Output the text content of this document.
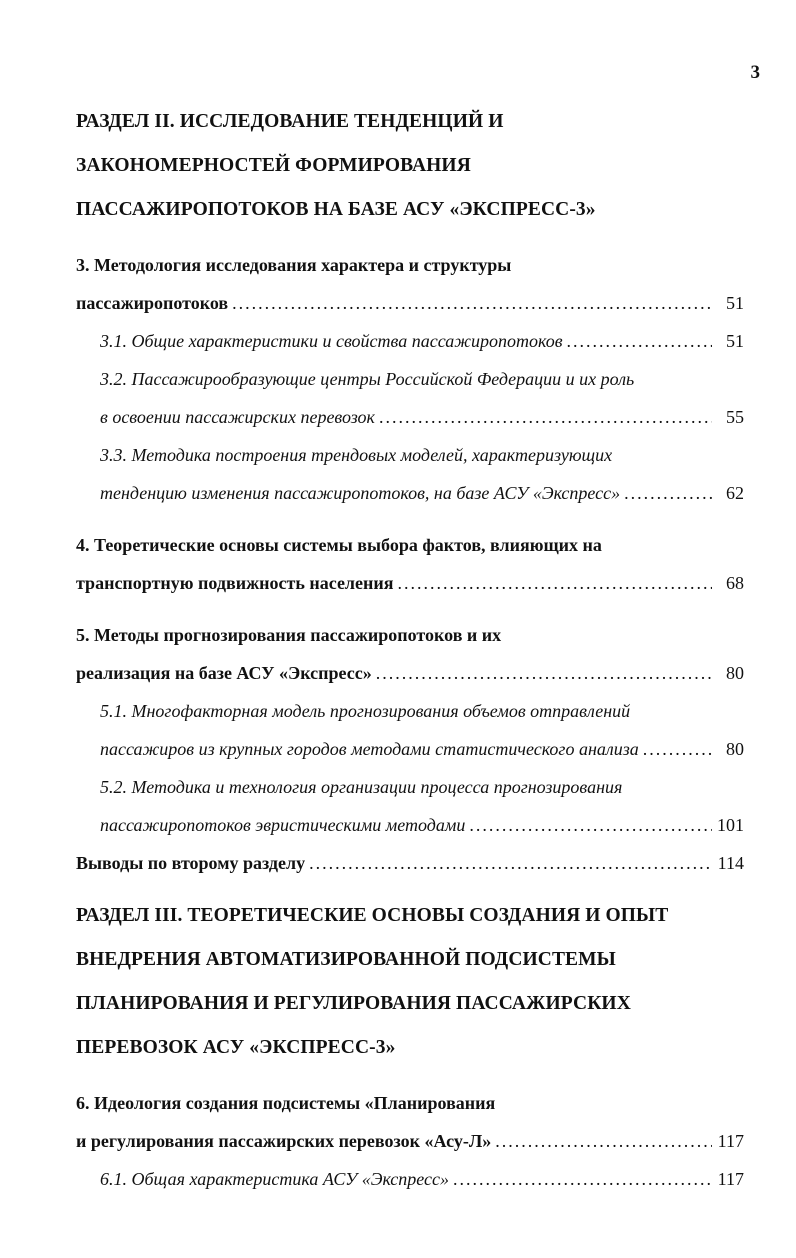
3
РАЗДЕЛ II. ИССЛЕДОВАНИЕ ТЕНДЕНЦИЙ И
ЗАКОНОМЕРНОСТЕЙ ФОРМИРОВАНИЯ
ПАССАЖИРОПОТОКОВ НА БАЗЕ АСУ «ЭКСПРЕСС-3»
3. Методология исследования характера и структуры
пассажиропотоков .....	51
3.1. Общие характеристики и свойства пассажиропотоков .....	51
3.2. Пассажирообразующие центры Российской Федерации и их роль
в освоении пассажирских перевозок .....	55
3.3. Методика построения трендовых моделей, характеризующих
тенденцию изменения пассажиропотоков, на базе АСУ «Экспресс» .....	62
4. Теоретические основы системы выбора фактов, влияющих на
транспортную подвижность населения .....	68
5. Методы прогнозирования пассажиропотоков и их
реализация на базе АСУ «Экспресс» .....	80
5.1. Многофакторная модель прогнозирования объемов отправлений
пассажиров из крупных городов методами статистического анализа .....	80
5.2. Методика и технология организации процесса прогнозирования
пассажиропотоков эвристическими методами .....	101
Выводы по второму разделу .....	114
РАЗДЕЛ III. ТЕОРЕТИЧЕСКИЕ ОСНОВЫ СОЗДАНИЯ И ОПЫТ
ВНЕДРЕНИЯ АВТОМАТИЗИРОВАННОЙ ПОДСИСТЕМЫ
ПЛАНИРОВАНИЯ И РЕГУЛИРОВАНИЯ ПАССАЖИРСКИХ
ПЕРЕВОЗОК АСУ «ЭКСПРЕСС-3»
6. Идеология создания подсистемы «Планирования
и регулирования пассажирских перевозок «Асу-Л» .....	117
6.1. Общая характеристика АСУ «Экспресс» .....	117
